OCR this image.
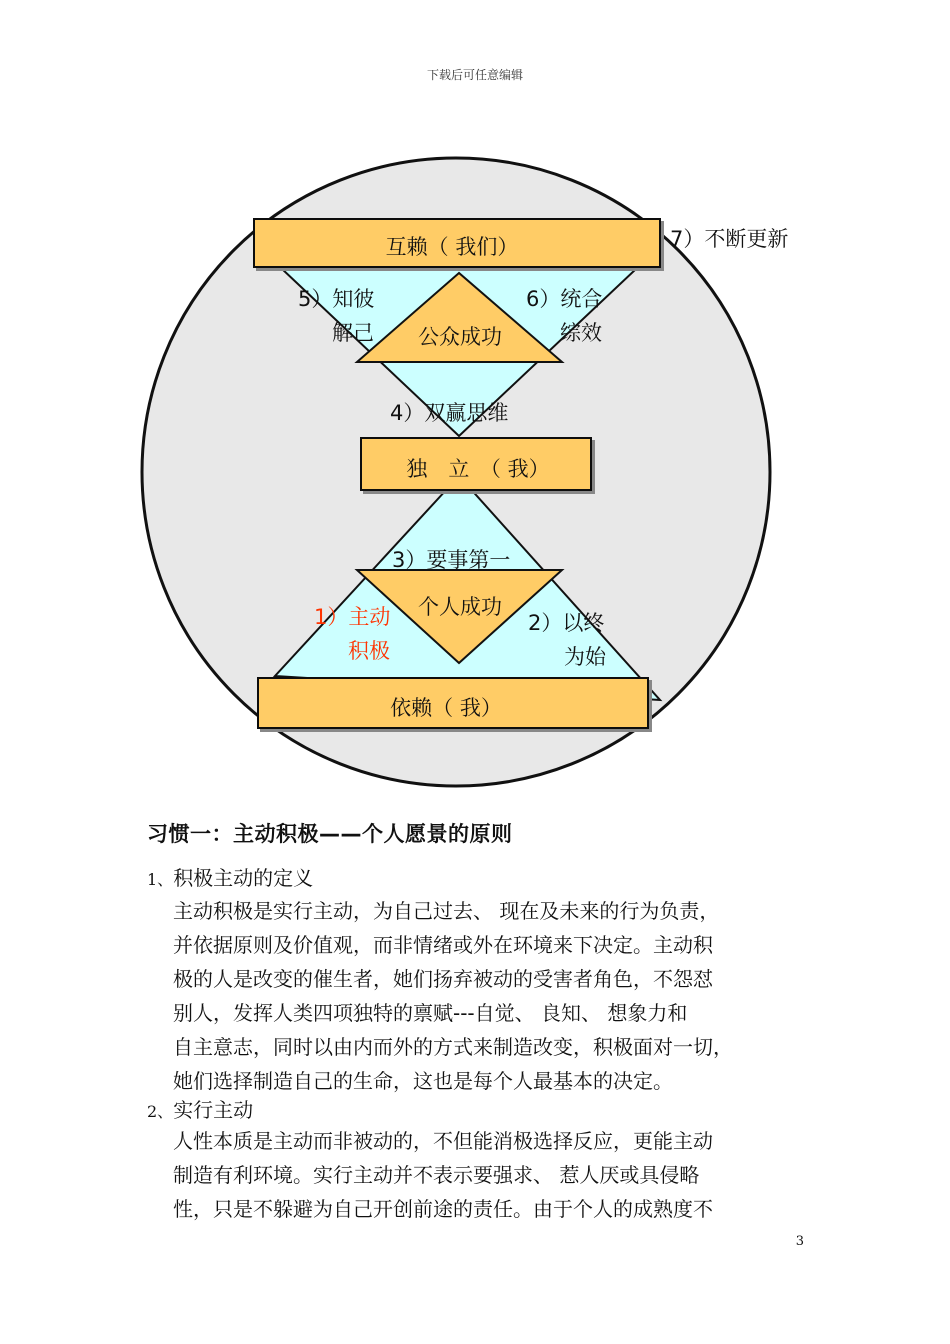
下载后可任意编辑
互赖（ 我们）
独　立　（ 我）
依赖（ 我）
公众成功
个人成功
7）不断更新
5）知彼
解己
6）统合
综效
4）双赢思维
3）要事第一
1）主动
积极
2）以终
为始
习惯一：主动积极——个人愿景的原则
1、积极主动的定义
主动积极是实行主动，为自己过去、 现在及未来的行为负责，
并依据原则及价值观，而非情绪或外在环境来下决定。主动积
极的人是改变的催生者，她们扬弃被动的受害者角色，不怨怼
别人，发挥人类四项独特的禀赋---自觉、 良知、 想象力和
自主意志，同时以由内而外的方式来制造改变，积极面对一切，
她们选择制造自己的生命，这也是每个人最基本的决定。
2、实行主动
人性本质是主动而非被动的，不但能消极选择反应，更能主动
制造有利环境。实行主动并不表示要强求、 惹人厌或具侵略
性，只是不躲避为自己开创前途的责任。由于个人的成熟度不
3
